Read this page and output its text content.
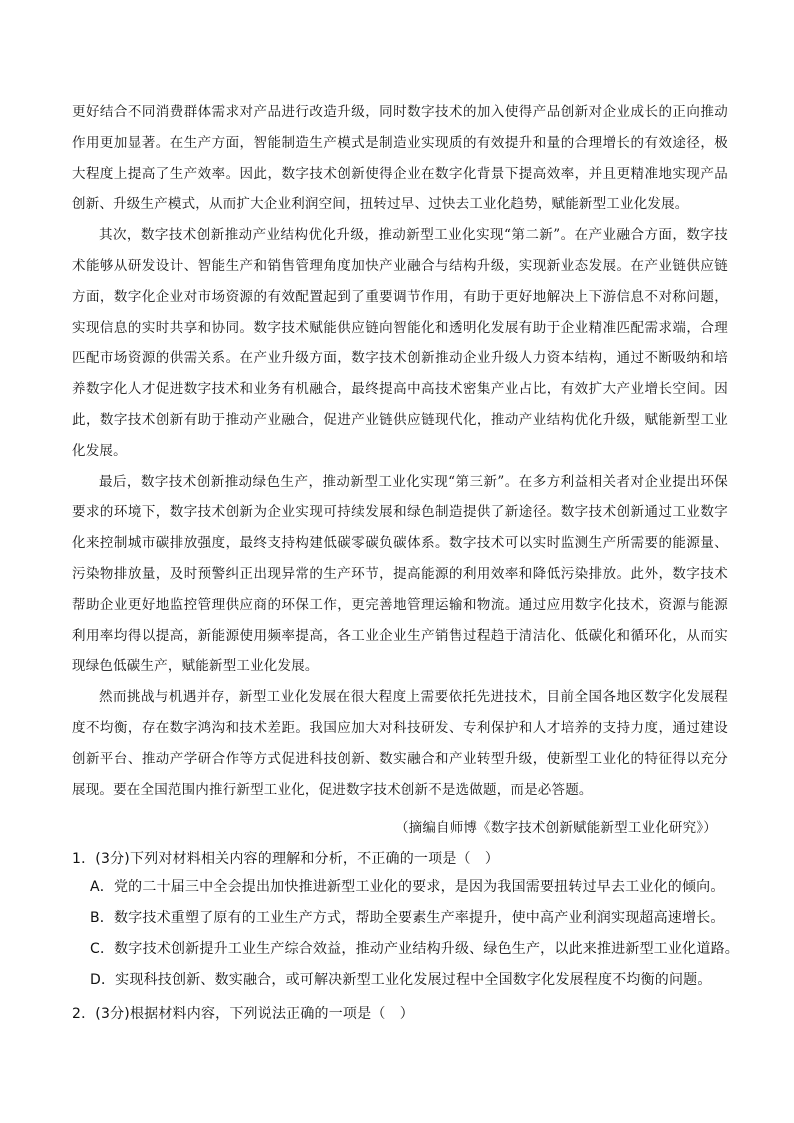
更好结合不同消费群体需求对产品进行改造升级，同时数字技术的加入使得产品创新对企业成长的正向推动作用更加显著。在生产方面，智能制造生产模式是制造业实现质的有效提升和量的合理增长的有效途径，极大程度上提高了生产效率。因此，数字技术创新使得企业在数字化背景下提高效率，并且更精准地实现产品创新、升级生产模式，从而扩大企业利润空间，扭转过早、过快去工业化趋势，赋能新型工业化发展。

其次，数字技术创新推动产业结构优化升级，推动新型工业化实现“第二新”。在产业融合方面，数字技术能够从研发设计、智能生产和销售管理角度加快产业融合与结构升级，实现新业态发展。在产业链供应链方面，数字化企业对市场资源的有效配置起到了重要调节作用，有助于更好地解决上下游信息不对称问题，实现信息的实时共享和协同。数字技术赋能供应链向智能化和透明化发展有助于企业精准匹配需求端，合理匹配市场资源的供需关系。在产业升级方面，数字技术创新推动企业升级人力资本结构，通过不断吸纳和培养数字化人才促进数字技术和业务有机融合，最终提高中高技术密集产业占比，有效扩大产业增长空间。因此，数字技术创新有助于推动产业融合，促进产业链供应链现代化，推动产业结构优化升级，赋能新型工业化发展。

最后，数字技术创新推动绿色生产，推动新型工业化实现“第三新”。在多方利益相关者对企业提出环保要求的环境下，数字技术创新为企业实现可持续发展和绿色制造提供了新途径。数字技术创新通过工业数字化来控制城市碳排放强度，最终支持构建低碳零碳负碳体系。数字技术可以实时监测生产所需要的能源量、污染物排放量，及时预警纠正出现异常的生产环节，提高能源的利用效率和降低污染排放。此外，数字技术帮助企业更好地监控管理供应商的环保工作，更完善地管理运输和物流。通过应用数字化技术，资源与能源利用率均得以提高，新能源使用频率提高，各工业企业生产销售过程趋于清洁化、低碳化和循环化，从而实现绿色低碳生产，赋能新型工业化发展。

然而挑战与机遇并存，新型工业化发展在很大程度上需要依托先进技术，目前全国各地区数字化发展程度不均衡，存在数字鸿沟和技术差距。我国应加大对科技研发、专利保护和人才培养的支持力度，通过建设创新平台、推动产学研合作等方式促进科技创新、数实融合和产业转型升级，使新型工业化的特征得以充分展现。要在全国范围内推行新型工业化，促进数字技术创新不是选做题，而是必答题。

（摘编自师博《数字技术创新赋能新型工业化研究》）
1．(3分)下列对材料相关内容的理解和分析，不正确的一项是（　）
A．党的二十届三中全会提出加快推进新型工业化的要求，是因为我国需要扭转过早去工业化的倾向。
B．数字技术重塑了原有的工业生产方式，帮助全要素生产率提升，使中高产业利润实现超高速增长。
C．数字技术创新提升工业生产综合效益，推动产业结构升级、绿色生产，以此来推进新型工业化道路。
D．实现科技创新、数实融合，或可解决新型工业化发展过程中全国数字化发展程度不均衡的问题。
2．(3分)根据材料内容，下列说法正确的一项是（　）
